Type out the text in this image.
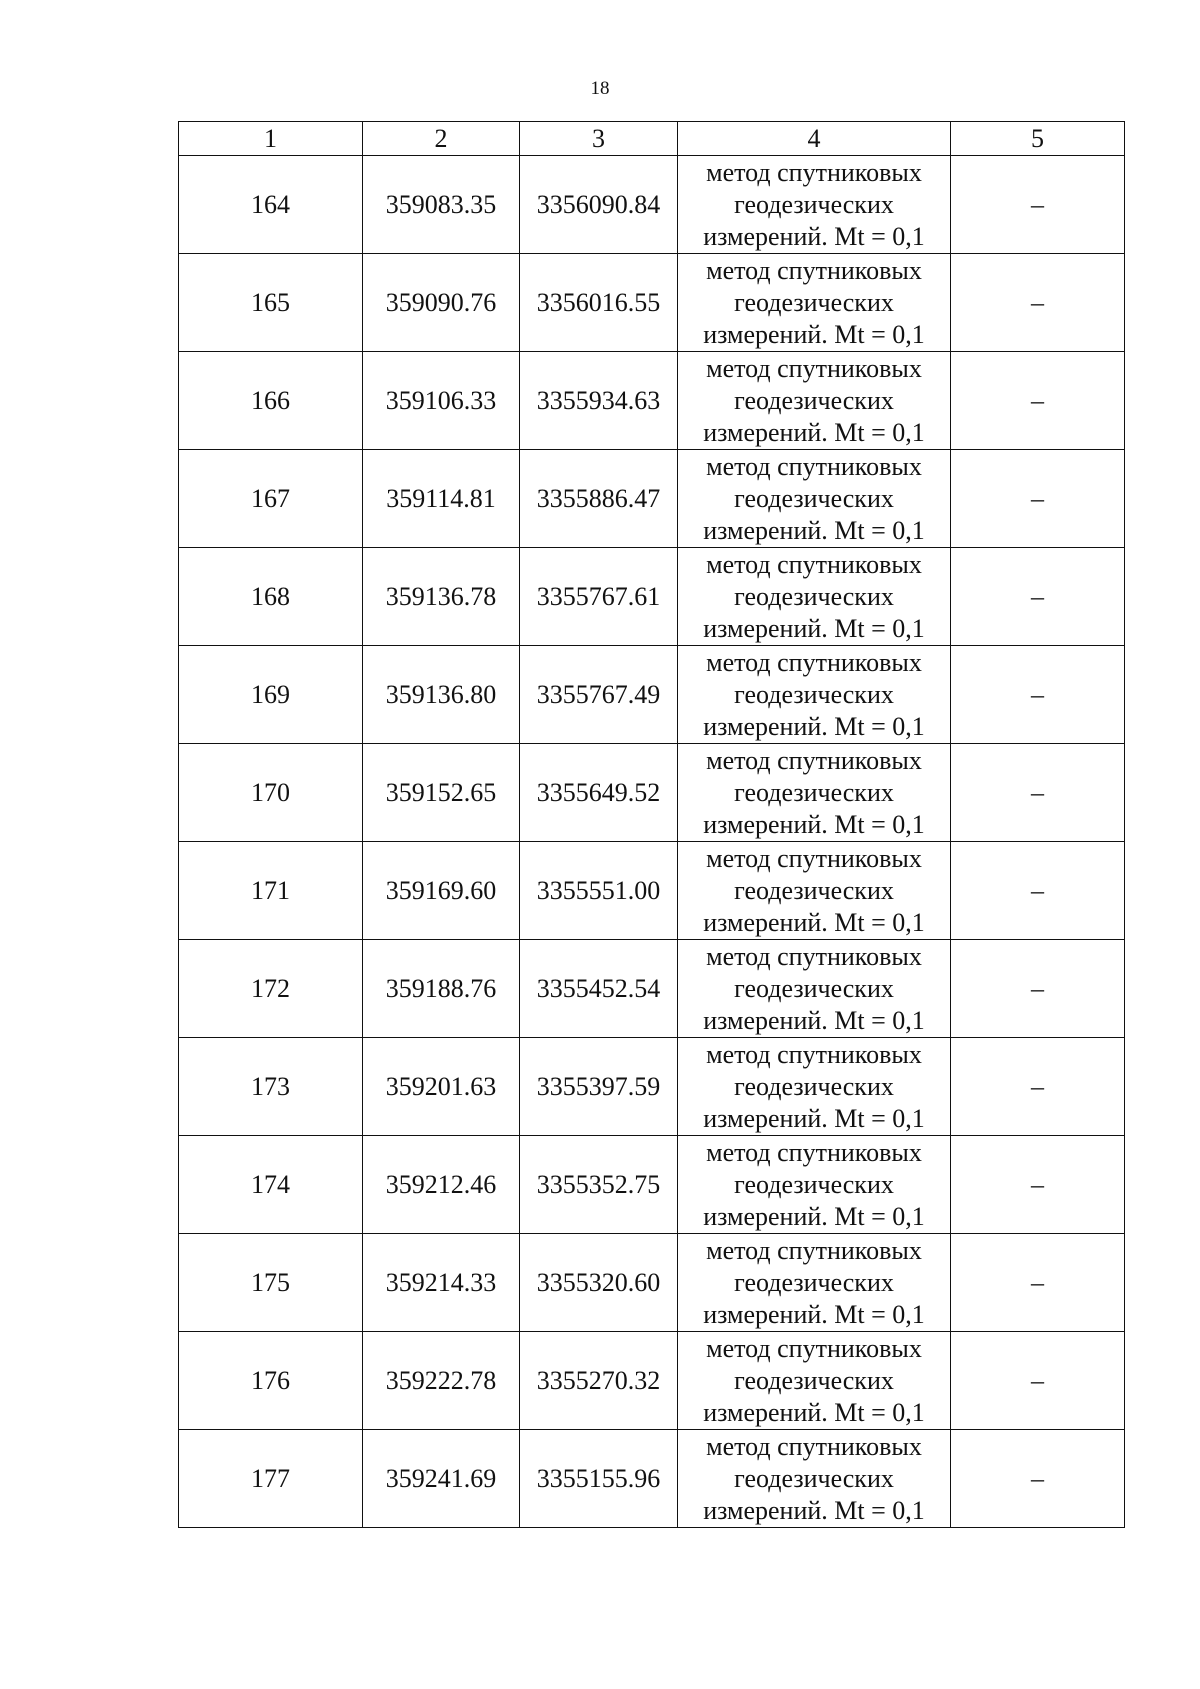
18
1	2	3	4	5
164	359083.35	3356090.84	метод спутниковых геодезических измерений. Mt = 0,1	–
165	359090.76	3356016.55	метод спутниковых геодезических измерений. Mt = 0,1	–
166	359106.33	3355934.63	метод спутниковых геодезических измерений. Mt = 0,1	–
167	359114.81	3355886.47	метод спутниковых геодезических измерений. Mt = 0,1	–
168	359136.78	3355767.61	метод спутниковых геодезических измерений. Mt = 0,1	–
169	359136.80	3355767.49	метод спутниковых геодезических измерений. Mt = 0,1	–
170	359152.65	3355649.52	метод спутниковых геодезических измерений. Mt = 0,1	–
171	359169.60	3355551.00	метод спутниковых геодезических измерений. Mt = 0,1	–
172	359188.76	3355452.54	метод спутниковых геодезических измерений. Mt = 0,1	–
173	359201.63	3355397.59	метод спутниковых геодезических измерений. Mt = 0,1	–
174	359212.46	3355352.75	метод спутниковых геодезических измерений. Mt = 0,1	–
175	359214.33	3355320.60	метод спутниковых геодезических измерений. Mt = 0,1	–
176	359222.78	3355270.32	метод спутниковых геодезических измерений. Mt = 0,1	–
177	359241.69	3355155.96	метод спутниковых геодезических измерений. Mt = 0,1	–
